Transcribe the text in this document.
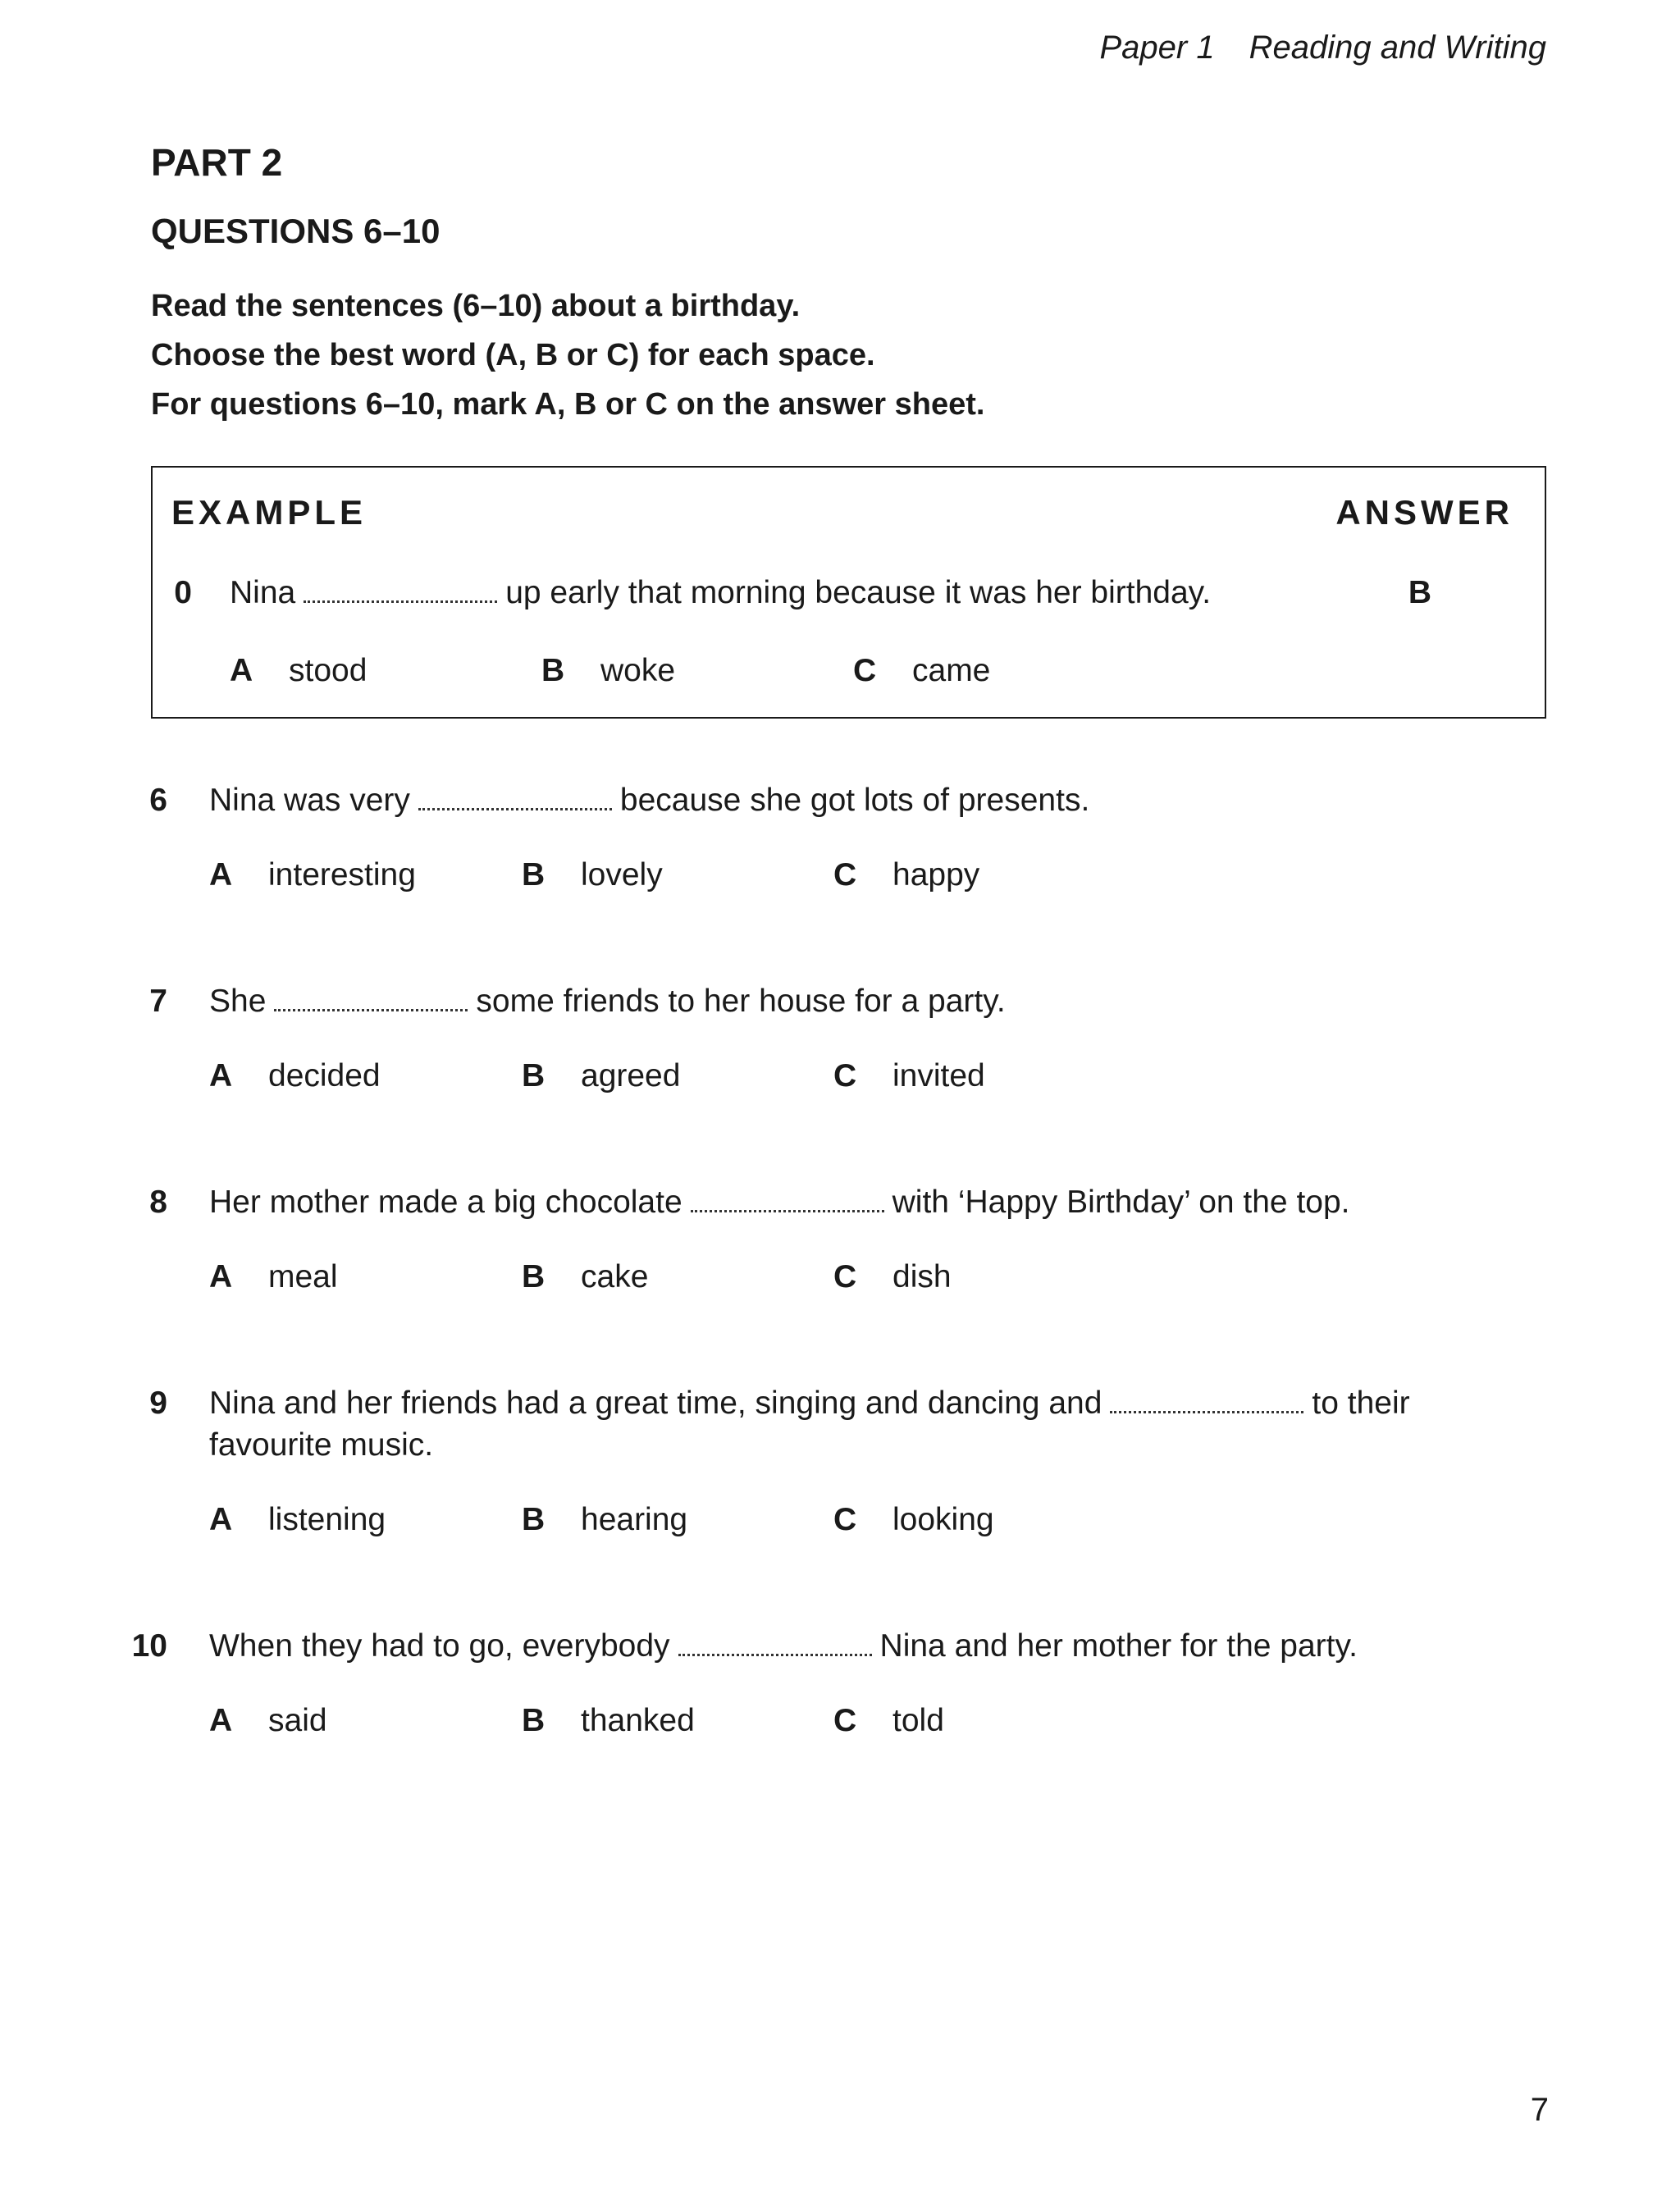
Paper 1 Reading and Writing
PART 2
QUESTIONS 6–10
Read the sentences (6–10) about a birthday.
Choose the best word (A, B or C) for each space.
For questions 6–10, mark A, B or C on the answer sheet.
EXAMPLE	ANSWER
0 Nina	up early that morning because it was her birthday.	B
A stood	B woke	C came
6 Nina was very	because she got lots of presents.
A interesting	B lovely	C happy
7 She	some friends to her house for a party.
A decided	B agreed	C invited
8 Her mother made a big chocolate	with ‘Happy Birthday’ on the top.
A meal	B cake	C dish
9 Nina and her friends had a great time, singing and dancing and	to their
favourite music.
A listening	B hearing	C looking
10 When they had to go, everybody	Nina and her mother for the party.
A said	B thanked	C told
7
